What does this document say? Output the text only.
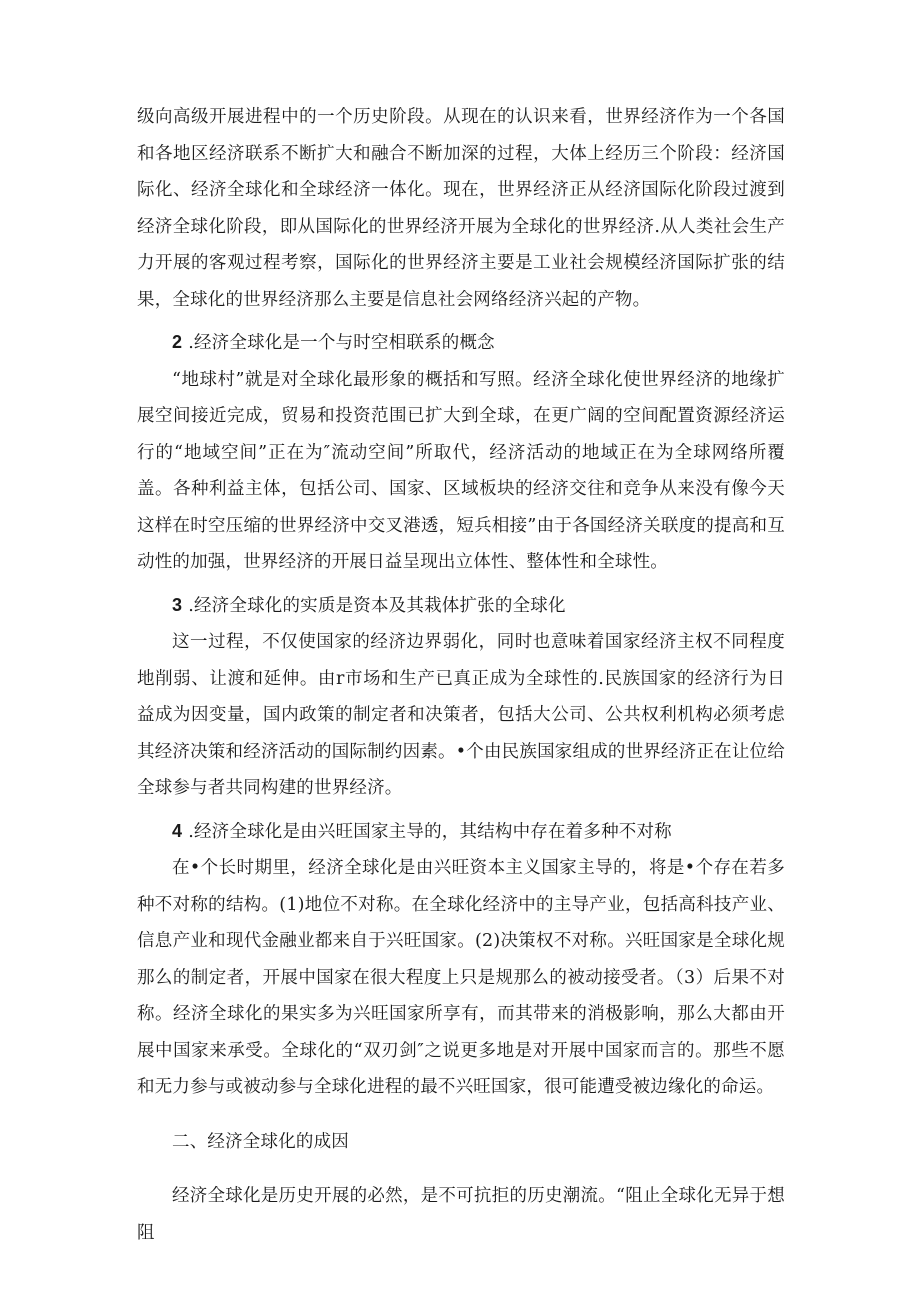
级向高级开展进程中的一个历史阶段。从现在的认识来看，世界经济作为一个各国和各地区经济联系不断扩大和融合不断加深的过程，大体上经历三个阶段：经济国际化、经济全球化和全球经济一体化。现在，世界经济正从经济国际化阶段过渡到经济全球化阶段，即从国际化的世界经济开展为全球化的世界经济.从人类社会生产力开展的客观过程考察，国际化的世界经济主要是工业社会规模经济国际扩张的结果，全球化的世界经济那么主要是信息社会网络经济兴起的产物。

2 .经济全球化是一个与时空相联系的概念

“地球村”就是对全球化最形象的概括和写照。经济全球化使世界经济的地缘扩展空间接近完成，贸易和投资范围已扩大到全球，在更广阔的空间配置资源经济运行的“地域空间”正在为″流动空间”所取代，经济活动的地域正在为全球网络所覆盖。各种利益主体，包括公司、国家、区域板块的经济交往和竞争从来没有像今天这样在时空压缩的世界经济中交叉港透，短兵相接”由于各国经济关联度的提高和互动性的加强，世界经济的开展日益呈现出立体性、整体性和全球性。

3 .经济全球化的实质是资本及其栽体扩张的全球化

这一过程，不仅使国家的经济边界弱化，同时也意味着国家经济主权不同程度地削弱、让渡和延伸。由r市场和生产已真正成为全球性的.民族国家的经济行为日益成为因变量，国内政策的制定者和决策者，包括大公司、公共权利机构必须考虑其经济决策和经济活动的国际制约因素。•个由民族国家组成的世界经济正在让位给全球参与者共同构建的世界经济。

4 .经济全球化是由兴旺国家主导的，其结构中存在着多种不对称

在•个长时期里，经济全球化是由兴旺资本主义国家主导的，将是•个存在若多种不对称的结构。(1)地位不对称。在全球化经济中的主导产业，包括高科技产业、信息产业和现代金融业都来自于兴旺国家。(2)决策权不对称。兴旺国家是全球化规那么的制定者，开展中国家在很大程度上只是规那么的被动接受者。（3）后果不对称。经济全球化的果实多为兴旺国家所享有，而其带来的消极影响，那么大都由开展中国家来承受。全球化的“双刃剑″之说更多地是对开展中国家而言的。那些不愿和无力参与或被动参与全球化进程的最不兴旺国家，很可能遭受被边缘化的命运。

二、经济全球化的成因

经济全球化是历史开展的必然，是不可抗拒的历史潮流。“阻止全球化无异于想阻
